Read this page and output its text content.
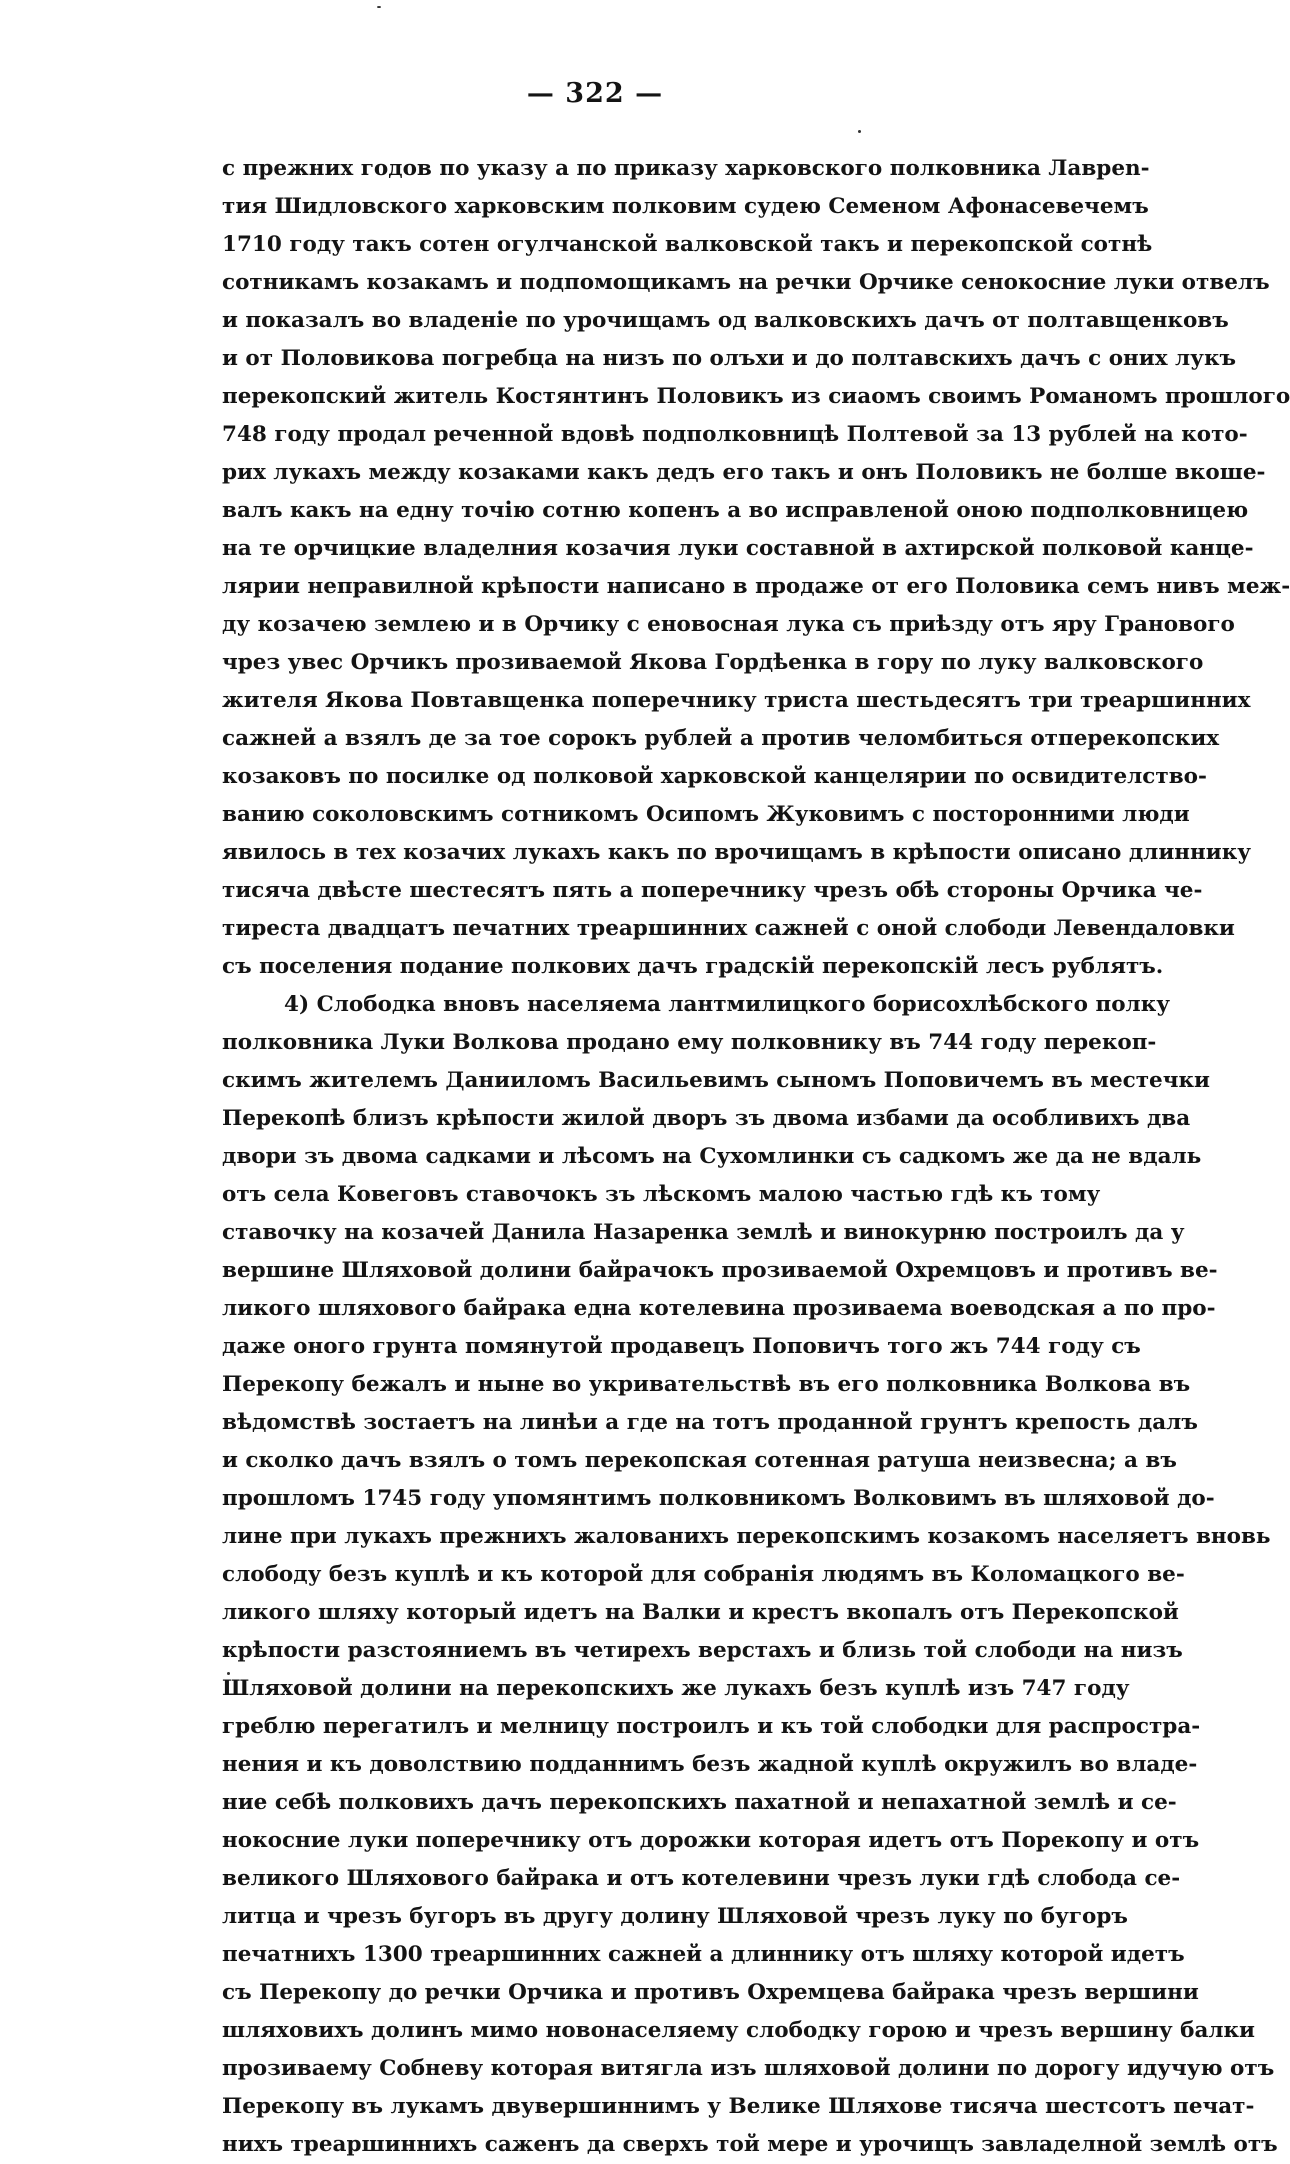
— 322 —
с прежних годов по указу а по приказу харковского полковника Лавреn-
тия Шидловского харковским полковим судею Семеном Афонасевечемъ
1710 году такъ сотен огулчанской валковской такъ и перекопской сотнѣ
сотникамъ козакамъ и подпомощикамъ на речки Орчике сенокосние луки отвелъ
и показалъ во владеніе по урочищамъ од валковскихъ дачъ от полтавщенковъ
и от Половикова погребца на низъ по олъхи и до полтавскихъ дачъ с оних лукъ
перекопский житель Костянтинъ Половикъ из сиаомъ своимъ Романомъ прошлого
748 году продал реченной вдовѣ подполковницѣ Полтевой за 13 рублей на кото-
рих лукахъ между козаками какъ дедъ его такъ и онъ Половикъ не болше вкоше-
валъ какъ на едну точію сотню копенъ а во исправленой оною подполковницею
на те орчицкие владелния козачия луки составной в ахтирской полковой канце-
лярии неправилной крѣпости написано в продаже от его Половика семъ нивъ меж-
ду козачею землею и в Орчику с еновосная лука съ приѣзду отъ яру Гранового
чрез увес Орчикъ прозиваемой Якова Гордѣенка в гору по луку валковского
жителя Якова Повтавщенка поперечнику триста шестьдесятъ три треаршинних
сажней а взялъ де за тое сорокъ рублей а против челомбиться отперекопских
козаковъ по посилке од полковой харковской канцелярии по освидителство-
ванию соколовскимъ сотникомъ Осипомъ Жуковимъ с посторонними люди
явилось в тех козачих лукахъ какъ по врочищамъ в крѣпости описано длиннику
тисяча двѣсте шестесятъ пять а поперечнику чрезъ обѣ стороны Орчика че-
тиреста двадцатъ печатних треаршинних сажней с оной слободи Левендаловки
съ поселения подание полкових дачъ градскій перекопскій лесъ рублятъ.
4) Слободка вновъ населяема лантмилицкого борисохлѣбского полку
полковника Луки Волкова продано ему полковнику въ 744 году перекоп-
скимъ жителемъ Данииломъ Васильевимъ сыномъ Поповичемъ въ местечки
Перекопѣ близъ крѣпости жилой дворъ зъ двома избами да особливихъ два
двори зъ двома садками и лѣсомъ на Сухомлинки съ садкомъ же да не вдаль
отъ села Ковеговъ ставочокъ зъ лѣскомъ малою частью гдѣ къ тому
ставочку на козачей Данила Назаренка землѣ и винокурню построилъ да у
вершине Шляховой долини байрачокъ прозиваемой Охремцовъ и противъ ве-
ликого шляхового байрака една котелевина прозиваема воеводская а по про-
даже оного грунта помянутой продавецъ Поповичъ того жъ 744 году съ
Перекопу бежалъ и ныне во укривательствѣ въ его полковника Волкова въ
вѣдомствѣ зостаетъ на линѣи а где на тотъ проданной грунтъ крепость далъ
и сколко дачъ взялъ о томъ перекопская сотенная ратуша неизвесна; а въ
прошломъ 1745 году упомянтимъ полковникомъ Волковимъ въ шляховой до-
лине при лукахъ прежнихъ жалованихъ перекопскимъ козакомъ населяетъ вновь
слободу безъ куплѣ и къ которой для собранія людямъ въ Коломацкого ве-
ликого шляху который идетъ на Валки и крестъ вкопалъ отъ Перекопской
крѣпости разстояниемъ въ четирехъ верстахъ и близь той слободи на низъ
Шляховой долини на перекопскихъ же лукахъ безъ куплѣ изъ 747 году
греблю перегатилъ и мелницу построилъ и къ той слободки для распростра-
нения и къ доволствию подданнимъ безъ жадной куплѣ окружилъ во владе-
ние себѣ полковихъ дачъ перекопскихъ пахатной и непахатной землѣ и се-
нокосние луки поперечнику отъ дорожки которая идетъ отъ Порекопу и отъ
великого Шляхового байрака и отъ котелевини чрезъ луки гдѣ слобода се-
литца и чрезъ бугоръ въ другу долину Шляховой чрезъ луку по бугоръ
печатнихъ 1300 треаршинних сажней а длиннику отъ шляху которой идетъ
съ Перекопу до речки Орчика и противъ Охремцева байрака чрезъ вершини
шляховихъ долинъ мимо новонаселяему слободку горою и чрезъ вершину балки
прозиваему Собневу которая витягла изъ шляховой долини по дорогу идучую отъ
Перекопу въ лукамъ двувершиннимъ у Велике Шляхове тисяча шестсотъ печат-
нихъ треаршиннихъ саженъ да сверхъ той мере и урочищъ завладелной землѣ отъ
